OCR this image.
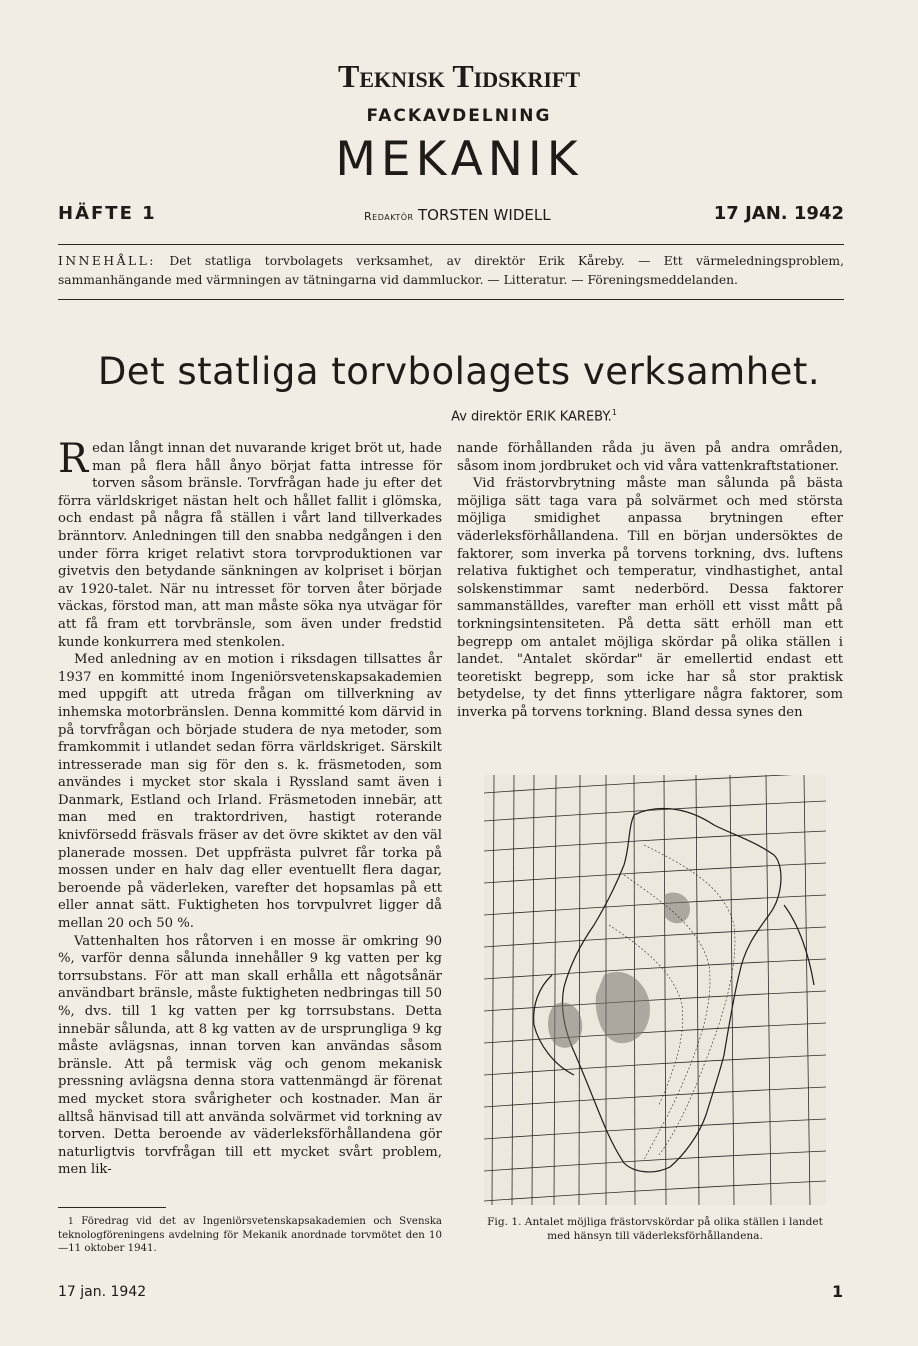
Teknisk Tidskrift
FACKAVDELNING
MEKANIK
HÄFTE 1	Redaktör TORSTEN WIDELL	17 JAN. 1942
INNEHÅLL: Det statliga torvbolagets verksamhet, av direktör Erik Kåreby. — Ett värmeledningsproblem, sammanhängande med värmningen av tätningarna vid dammluckor. — Litteratur. — Föreningsmeddelanden.
Det statliga torvbolagets verksamhet.
Av direktör ERIK KAREBY.$^1$

Redan långt innan det nuvarande kriget bröt ut, hade man på flera håll ånyo börjat fatta intresse för torven såsom bränsle. Torvfrågan hade ju efter det förra världskriget nästan helt och hållet fallit i glömska, och endast på några få ställen i vårt land tillverkades bränntorv. Anledningen till den snabba nedgången i den under förra kriget relativt stora torvproduktionen var givetvis den betydande sänkningen av kolpriset i början av 1920-talet. När nu intresset för torven åter började väckas, förstod man, att man måste söka nya utvägar för att få fram ett torvbränsle, som även under fredstid kunde konkurrera med stenkolen.

Med anledning av en motion i riksdagen tillsattes år 1937 en kommitté inom Ingeniörsvetenskapsakademien med uppgift att utreda frågan om tillverkning av inhemska motorbränslen. Denna kommitté kom därvid in på torvfrågan och började studera de nya metoder, som framkommit i utlandet sedan förra världskriget. Särskilt intresserade man sig för den s. k. fräsmetoden, som användes i mycket stor skala i Ryssland samt även i Danmark, Estland och Irland. Fräsmetoden innebär, att man med en traktordriven, hastigt roterande knivförsedd fräsvals fräser av det övre skiktet av den väl planerade mossen. Det uppfrästa pulvret får torka på mossen under en halv dag eller eventuellt flera dagar, beroende på väderleken, varefter det hopsamlas på ett eller annat sätt. Fuktigheten hos torvpulvret ligger då mellan 20 och 50 %.

Vattenhalten hos råtorven i en mosse är omkring 90 %, varför denna sålunda innehåller 9 kg vatten per kg torrsubstans. För att man skall erhålla ett någotsånär användbart bränsle, måste fuktigheten nedbringas till 50 %, dvs. till 1 kg vatten per kg torrsubstans. Detta innebär sålunda, att 8 kg vatten av de ursprungliga 9 kg måste avlägsnas, innan torven kan användas såsom bränsle. Att på termisk väg och genom mekanisk pressning avlägsna denna stora vattenmängd är förenat med mycket stora svårigheter och kostnader. Man är alltså hänvisad till att använda solvärmet vid torkning av torven. Detta beroende av väderleksförhållandena gör naturligtvis torvfrågan till ett mycket svårt problem, men lik-

nande förhållanden råda ju även på andra områden, såsom inom jordbruket och vid våra vattenkraftstationer.

Vid frästorvbrytning måste man sålunda på bästa möjliga sätt taga vara på solvärmet och med största möjliga smidighet anpassa brytningen efter väderleksförhållandena. Till en början undersöktes de faktorer, som inverka på torvens torkning, dvs. luftens relativa fuktighet och temperatur, vindhastighet, antal solskenstimmar samt nederbörd. Dessa faktorer sammanställdes, varefter man erhöll ett visst mått på torkningsintensiteten. På detta sätt erhöll man ett begrepp om antalet möjliga skördar på olika ställen i landet. "Antalet skördar" är emellertid endast ett teoretiskt begrepp, som icke har så stor praktisk betydelse, ty det finns ytterligare några faktorer, som inverka på torvens torkning. Bland dessa synes den

1 Föredrag vid det av Ingeniörsvetenskapsakademien och Svenska teknologföreningens avdelning för Mekanik anordnade torvmötet den 10—11 oktober 1941.

Fig. 1. Antalet möjliga frästorvskördar på olika ställen i landet med hänsyn till väderleksförhållandena.
17 jan. 1942	1
